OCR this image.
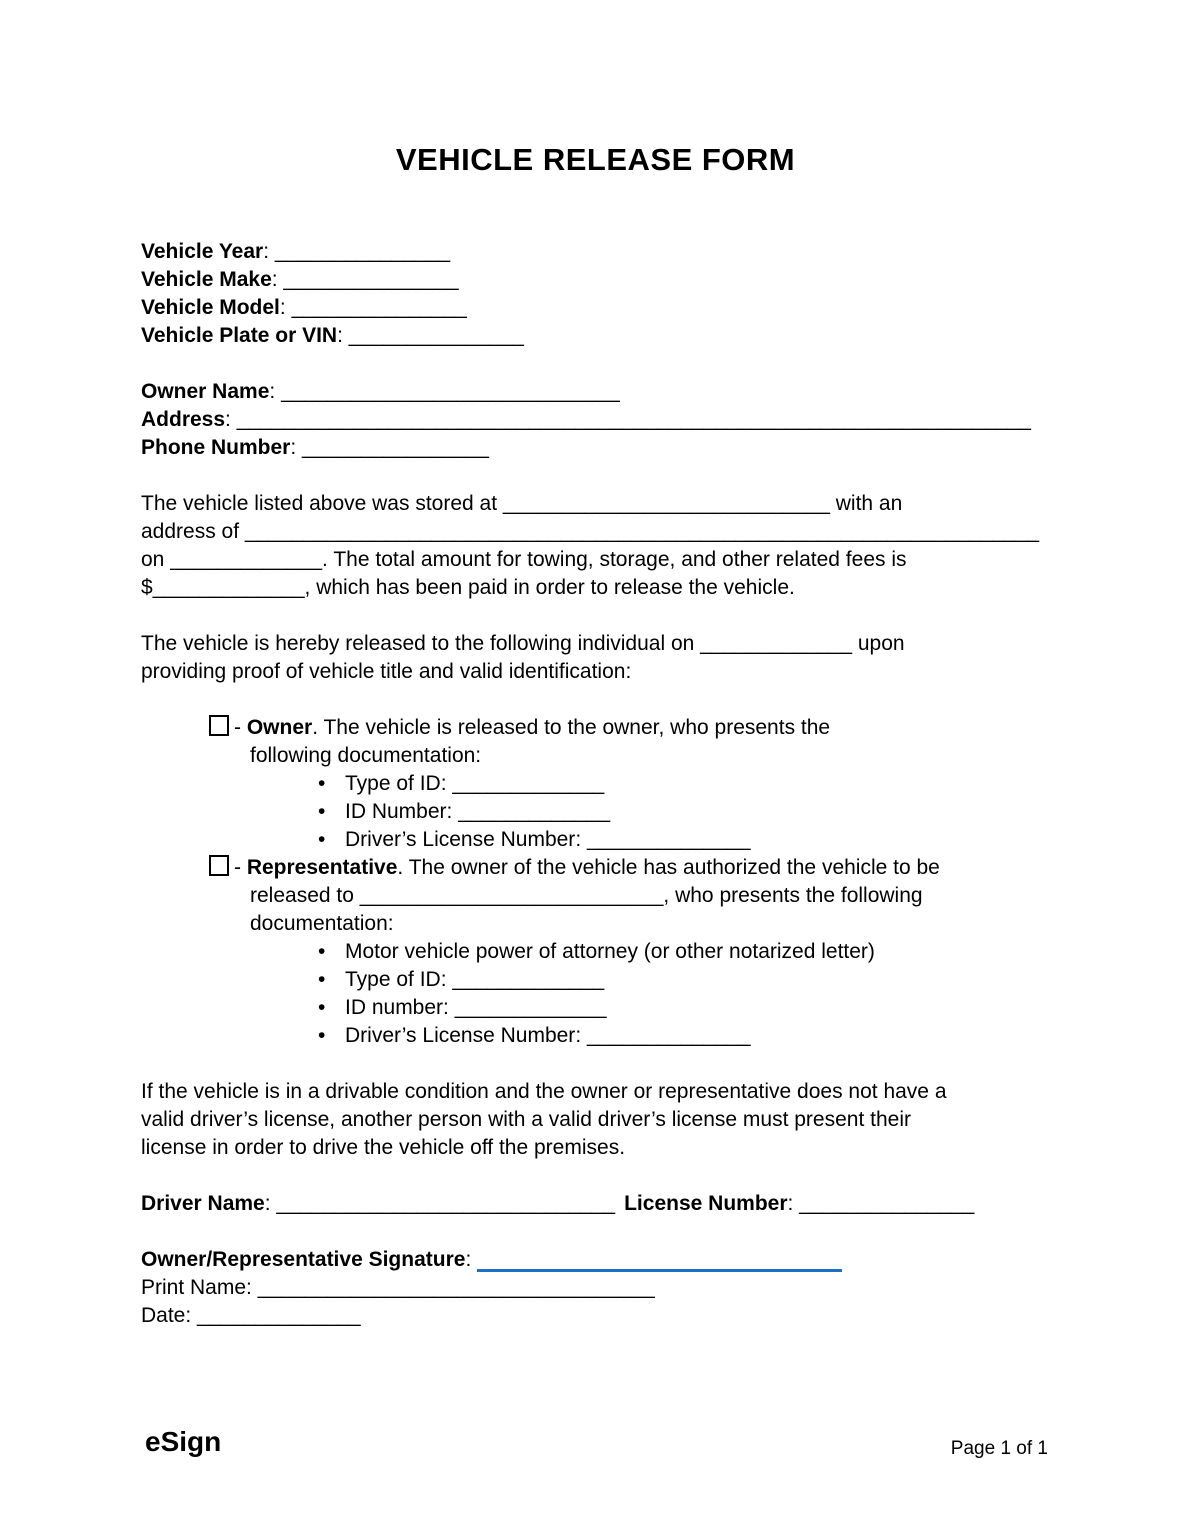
VEHICLE RELEASE FORM
Vehicle Year: _______________
Vehicle Make: _______________
Vehicle Model: _______________
Vehicle Plate or VIN: _______________
Owner Name: _____________________________
Address: ____________________________________________________________________
Phone Number: ________________
The vehicle listed above was stored at ____________________________ with an
address of ____________________________________________________________________
on _____________. The total amount for towing, storage, and other related fees is
$_____________, which has been paid in order to release the vehicle.
The vehicle is hereby released to the following individual on _____________ upon
providing proof of vehicle title and valid identification:
- Owner. The vehicle is released to the owner, who presents the
following documentation:
• Type of ID: _____________
• ID Number: _____________
• Driver’s License Number: ______________
- Representative. The owner of the vehicle has authorized the vehicle to be
released to __________________________, who presents the following
documentation:
• Motor vehicle power of attorney (or other notarized letter)
• Type of ID: _____________
• ID number: _____________
• Driver’s License Number: ______________
If the vehicle is in a drivable condition and the owner or representative does not have a
valid driver’s license, another person with a valid driver’s license must present their
license in order to drive the vehicle off the premises.
Driver Name: _____________________________ License Number: _______________
Owner/Representative Signature:
Print Name: __________________________________
Date: ______________
eSign	Page 1 of 1
